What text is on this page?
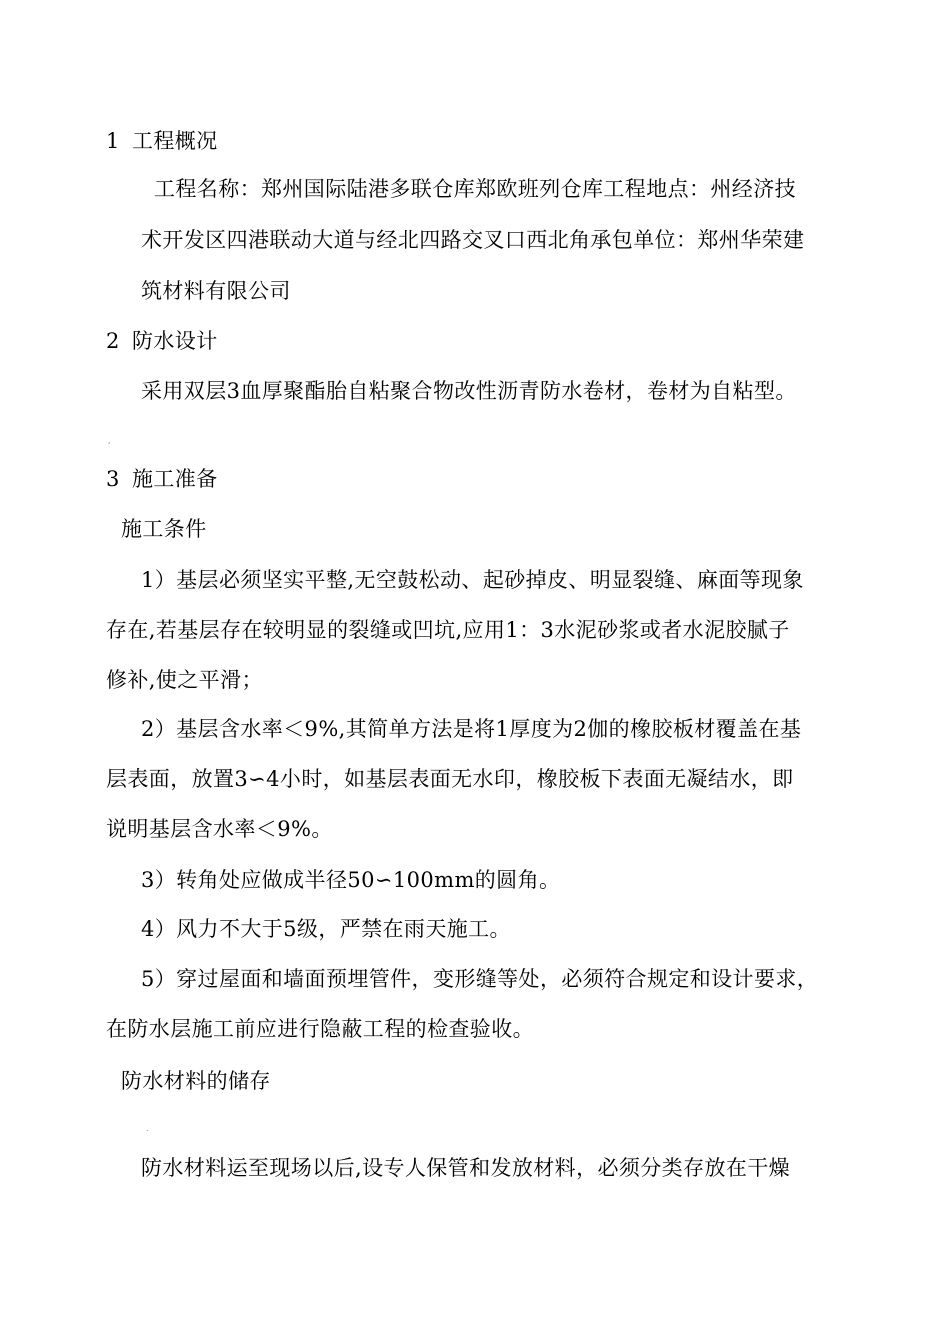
1 工程概况
工程名称：郑州国际陆港多联仓库郑欧班列仓库工程地点：州经济技
术开发区四港联动大道与经北四路交叉口西北角承包单位：郑州华荣建
筑材料有限公司
2 防水设计
采用双层3血厚聚酯胎自粘聚合物改性沥青防水卷材，卷材为自粘型。
,
3 施工准备
施工条件
1）基层必须坚实平整,无空鼓松动、起砂掉皮、明显裂缝、麻面等现象
存在,若基层存在较明显的裂缝或凹坑,应用1：3水泥砂浆或者水泥胶腻子
修补,使之平滑；
2）基层含水率＜9%,其简单方法是将1厚度为2伽的橡胶板材覆盖在基
层表面，放置3∽4小时，如基层表面无水印，橡胶板下表面无凝结水，即
说明基层含水率＜9%。
3）转角处应做成半径50∽100mm的圆角。
4）风力不大于5级，严禁在雨天施工。
5）穿过屋面和墙面预埋管件，变形缝等处，必须符合规定和设计要求，
在防水层施工前应进行隐蔽工程的检查验收。
防水材料的储存
.
防水材料运至现场以后,设专人保管和发放材料，必须分类存放在干燥
